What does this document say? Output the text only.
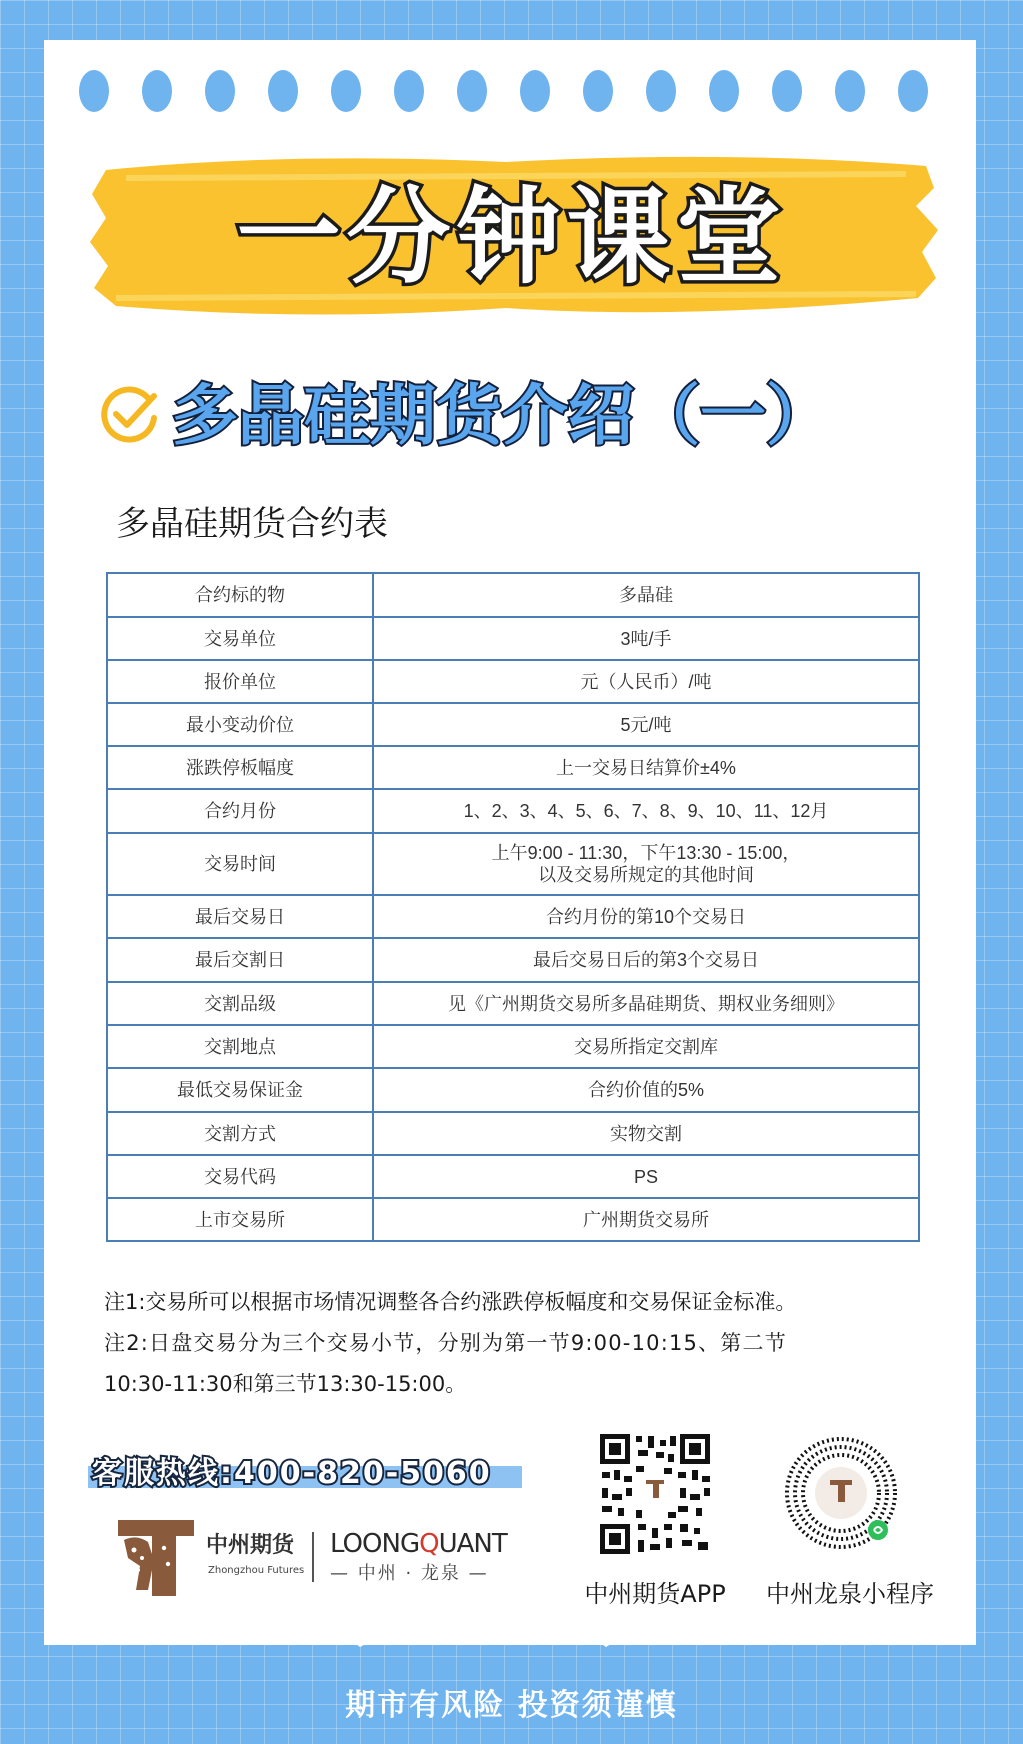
一分钟课堂
多晶硅期货介绍（一）
多晶硅期货合约表
合约标的物	多晶硅
交易单位	3吨/手
报价单位	元（人民币）/吨
最小变动价位	5元/吨
涨跌停板幅度	上一交易日结算价±4%
合约月份	1、2、3、4、5、6、7、8、9、10、11、12月
交易时间	上午9:00 - 11:30，下午13:30 - 15:00，
以及交易所规定的其他时间

最后交易日	合约月份的第10个交易日
最后交割日	最后交易日后的第3个交易日
交割品级	见《广州期货交易所多晶硅期货、期权业务细则》
交割地点	交易所指定交割库
最低交易保证金	合约价值的5%
交割方式	实物交割
交易代码	PS
上市交易所	广州期货交易所

注1:交易所可以根据市场情况调整各合约涨跌停板幅度和交易保证金标准。

注2:日盘交易分为三个交易小节，分别为第一节9:00-10:15、第二节

10:30-11:30和第三节13:30-15:00。

客服热线:400-820-5060
中州期货
Zhongzhou Futures
LOONGQUANT
— 中州 · 龙泉 —
中州期货APP	中州龙泉小程序
期市有风险 投资须谨慎
